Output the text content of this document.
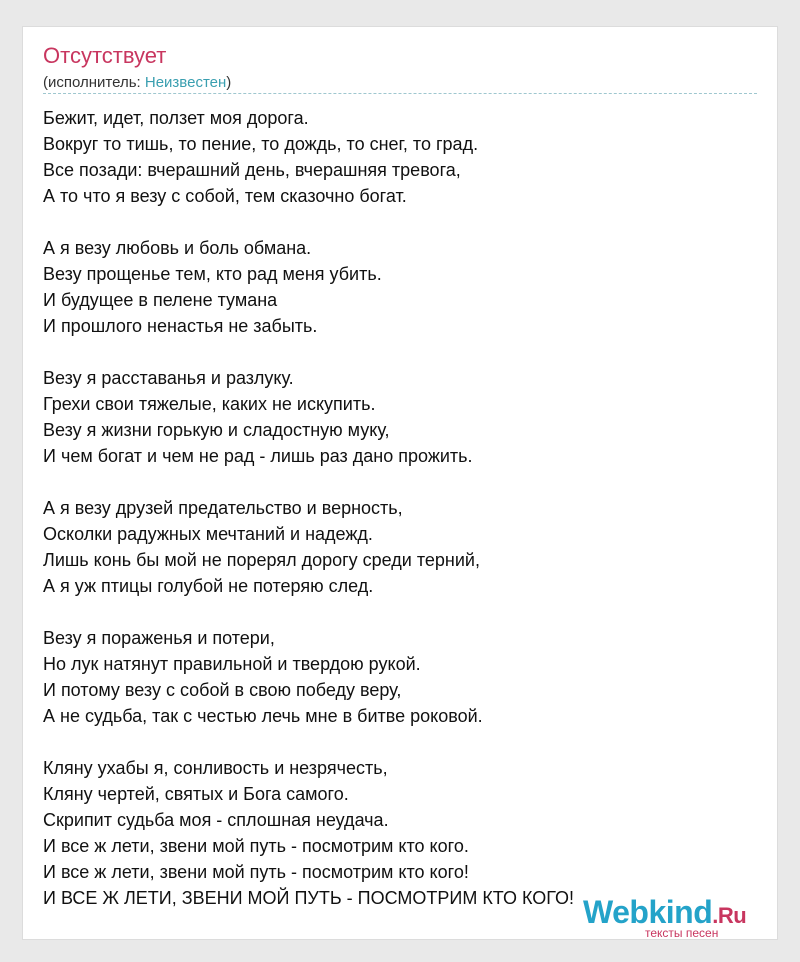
Отсутствует
(исполнитель: Неизвестен)
Бежит, идет, ползет моя дорога.
Вокруг то тишь, то пение, то дождь, то снег, то град.
Все позади: вчерашний день, вчерашняя тревога,
А то что я везу с собой, тем сказочно богат.
А я везу любовь и боль обмана.
Везу прощенье тем, кто рад меня убить.
И будущее в пелене тумана
И прошлого ненастья не забыть.
Везу я расставанья и разлуку.
Грехи свои тяжелые, каких не искупить.
Везу я жизни горькую и сладостную муку,
И чем богат и чем не рад - лишь раз дано прожить.
А я везу друзей предательство и верность,
Осколки радужных мечтаний и надежд.
Лишь конь бы мой не порерял дорогу среди терний,
А я уж птицы голубой не потеряю след.
Везу я пораженья и потери,
Но лук натянут правильной и твердою рукой.
И потому везу с собой в свою победу веру,
А не судьба, так с честью лечь мне в битве роковой.
Кляну ухабы я, сонливость и незрячесть,
Кляну чертей, святых и Бога самого.
Скрипит судьба моя - сплошная неудача.
И все ж лети, звени мой путь - посмотрим кто кого.
И все ж лети, звени мой путь - посмотрим кто кого!
И ВСЕ Ж ЛЕТИ, ЗВЕНИ МОЙ ПУТЬ - ПОСМОТРИМ КТО КОГО! Webkind.Ru
тексты песен
